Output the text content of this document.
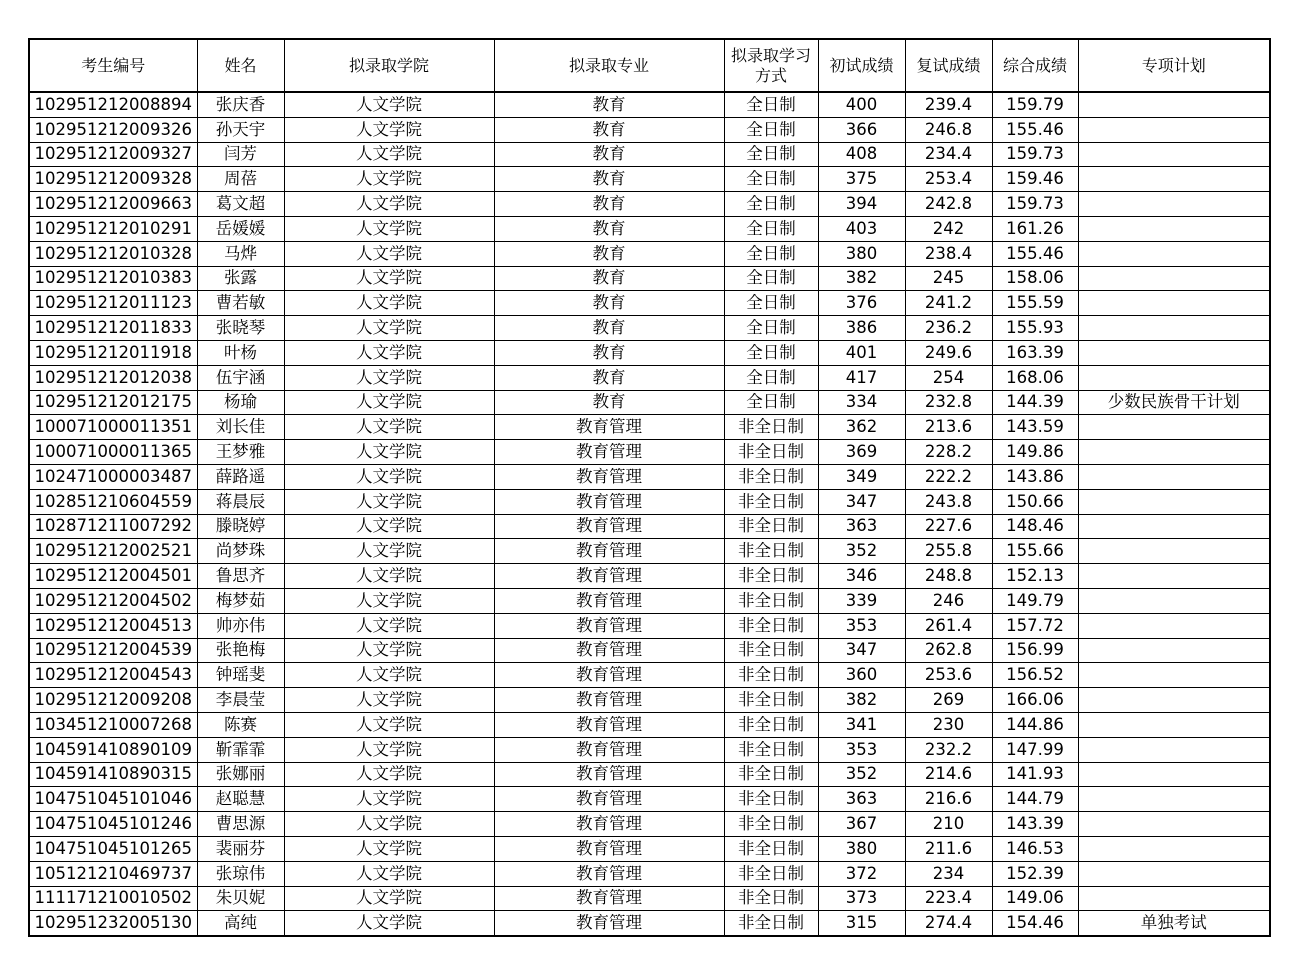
考生编号	姓名	拟录取学院	拟录取专业	拟录取学习方式	初试成绩	复试成绩	综合成绩	专项计划
102951212008894	张庆香	人文学院	教育	全日制	400	239.4	159.79	
102951212009326	孙天宇	人文学院	教育	全日制	366	246.8	155.46	
102951212009327	闫芳	人文学院	教育	全日制	408	234.4	159.73	
102951212009328	周蓓	人文学院	教育	全日制	375	253.4	159.46	
102951212009663	葛文超	人文学院	教育	全日制	394	242.8	159.73	
102951212010291	岳媛媛	人文学院	教育	全日制	403	242	161.26	
102951212010328	马烨	人文学院	教育	全日制	380	238.4	155.46	
102951212010383	张露	人文学院	教育	全日制	382	245	158.06	
102951212011123	曹若敏	人文学院	教育	全日制	376	241.2	155.59	
102951212011833	张晓琴	人文学院	教育	全日制	386	236.2	155.93	
102951212011918	叶杨	人文学院	教育	全日制	401	249.6	163.39	
102951212012038	伍宇涵	人文学院	教育	全日制	417	254	168.06	
102951212012175	杨瑜	人文学院	教育	全日制	334	232.8	144.39	少数民族骨干计划
100071000011351	刘长佳	人文学院	教育管理	非全日制	362	213.6	143.59	
100071000011365	王梦雅	人文学院	教育管理	非全日制	369	228.2	149.86	
102471000003487	薛路遥	人文学院	教育管理	非全日制	349	222.2	143.86	
102851210604559	蒋晨辰	人文学院	教育管理	非全日制	347	243.8	150.66	
102871211007292	滕晓婷	人文学院	教育管理	非全日制	363	227.6	148.46	
102951212002521	尚梦珠	人文学院	教育管理	非全日制	352	255.8	155.66	
102951212004501	鲁思齐	人文学院	教育管理	非全日制	346	248.8	152.13	
102951212004502	梅梦茹	人文学院	教育管理	非全日制	339	246	149.79	
102951212004513	帅亦伟	人文学院	教育管理	非全日制	353	261.4	157.72	
102951212004539	张艳梅	人文学院	教育管理	非全日制	347	262.8	156.99	
102951212004543	钟瑶斐	人文学院	教育管理	非全日制	360	253.6	156.52	
102951212009208	李晨莹	人文学院	教育管理	非全日制	382	269	166.06	
103451210007268	陈赛	人文学院	教育管理	非全日制	341	230	144.86	
104591410890109	靳霏霏	人文学院	教育管理	非全日制	353	232.2	147.99	
104591410890315	张娜丽	人文学院	教育管理	非全日制	352	214.6	141.93	
104751045101046	赵聪慧	人文学院	教育管理	非全日制	363	216.6	144.79	
104751045101246	曹思源	人文学院	教育管理	非全日制	367	210	143.39	
104751045101265	裴丽芬	人文学院	教育管理	非全日制	380	211.6	146.53	
105121210469737	张琼伟	人文学院	教育管理	非全日制	372	234	152.39	
111171210010502	朱贝妮	人文学院	教育管理	非全日制	373	223.4	149.06	
102951232005130	高纯	人文学院	教育管理	非全日制	315	274.4	154.46	单独考试
